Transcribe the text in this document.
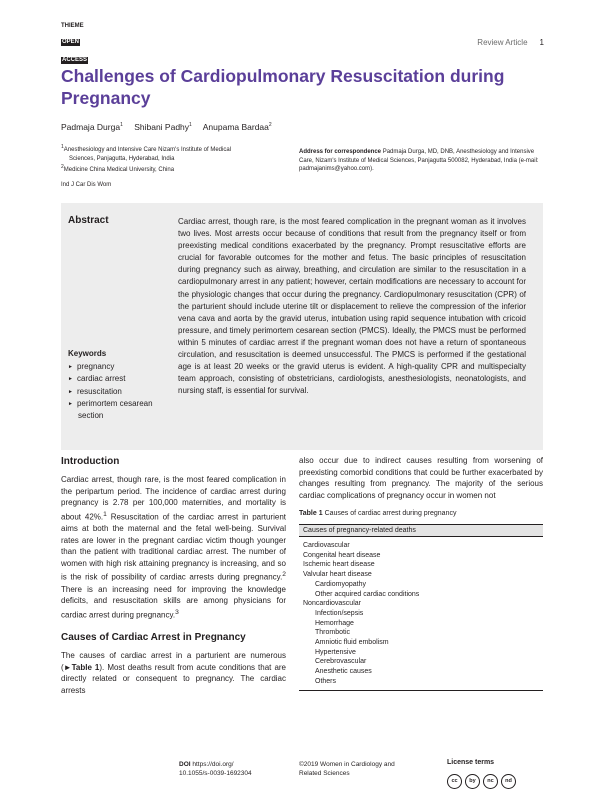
THIEME
OPEN
ACCESS
Review Article 1
Challenges of Cardiopulmonary Resuscitation during Pregnancy
Padmaja Durga$^1$ Shibani Padhy$^1$ Anupama Bardaa$^2$
$^1$Anesthesiology and Intensive Care Nizam's Institute of Medical
Sciences, Panjagutta, Hyderabad, India
$^2$Medicine China Medical University, China
Address for correspondence Padmaja Durga, MD, DNB, Anesthesiology and Intensive Care, Nizam's Institute of Medical Sciences, Panjagutta 500082, Hyderabad, India (e-mail: padmajanims@yahoo.com).
Ind J Car Dis Wom
Abstract	Cardiac arrest, though rare, is the most feared complication in the pregnant woman as it involves two lives. Most arrests occur because of conditions that result from the pregnancy itself or from preexisting medical conditions exacerbated by the pregnancy. Prompt resuscitative efforts are crucial for favorable outcomes for the mother and fetus. The basic principles of resuscitation during pregnancy such as airway, breathing, and circulation are similar to the resuscitation in a cardiopulmonary arrest in any patient; however, certain modifications are necessary to account for the physiologic changes that occur during the pregnancy. Cardiopulmonary resuscitation (CPR) of the parturient should include uterine tilt or displacement to relieve the compression of the inferior vena cava and aorta by the gravid uterus, intubation using rapid sequence intubation with cricoid pressure, and timely perimortem cesarean section (PMCS). Ideally, the PMCS must be performed within 5 minutes of cardiac arrest if the pregnant woman does not have a return of spontaneous circulation, and resuscitation is deemed unsuccessful. The PMCS is performed if the gestational age is at least 20 weeks or the gravid uterus is evident. A high-quality CPR and multispecialty team approach, consisting of obstetricians, cardiologists, anesthesiologists, neonatologists, and nursing staff, is essential for survival.

Keywords
► pregnancy
► cardiac arrest
► resuscitation
► perimortem cesarean section
Introduction

Cardiac arrest, though rare, is the most feared complication in the peripartum period. The incidence of cardiac arrest during pregnancy is 2.78 per 100,000 maternities, and mortality is about 42%.$^1$ Resuscitation of the cardiac arrest in parturient aims at both the maternal and the fetal well-being. Survival rates are lower in the pregnant cardiac victim though younger than the patient with traditional cardiac arrest. The number of women with high risk attaining pregnancy is increasing, and so is the risk of possibility of cardiac arrests during pregnancy.$^2$ There is an increasing need for improving the knowledge deficits, and resuscitation skills are among physicians for cardiac arrest during pregnancy.$^3$

Causes of Cardiac Arrest in Pregnancy

The causes of cardiac arrest in a parturient are numerous (►Table 1). Most deaths result from acute conditions that are directly related or consequent to pregnancy. The cardiac arrests

also occur due to indirect causes resulting from worsening of preexisting comorbid conditions that could be further exacerbated by changes resulting from pregnancy. The majority of the serious cardiac complications of pregnancy occur in women not

Table 1 Causes of cardiac arrest during pregnancy
Causes of pregnancy-related deaths
Cardiovascular
Congenital heart disease
Ischemic heart disease
Valvular heart disease
Cardiomyopathy
Other acquired cardiac conditions
Noncardiovascular
Infection/sepsis
Hemorrhage
Thrombotic
Amniotic fluid embolism
Hypertensive
Cerebrovascular
Anesthetic causes
Others
DOI https://doi.org/
10.1055/s-0039-1692304
©2019 Women in Cardiology and
Related Sciences
License terms
cc	by	nc	nd
